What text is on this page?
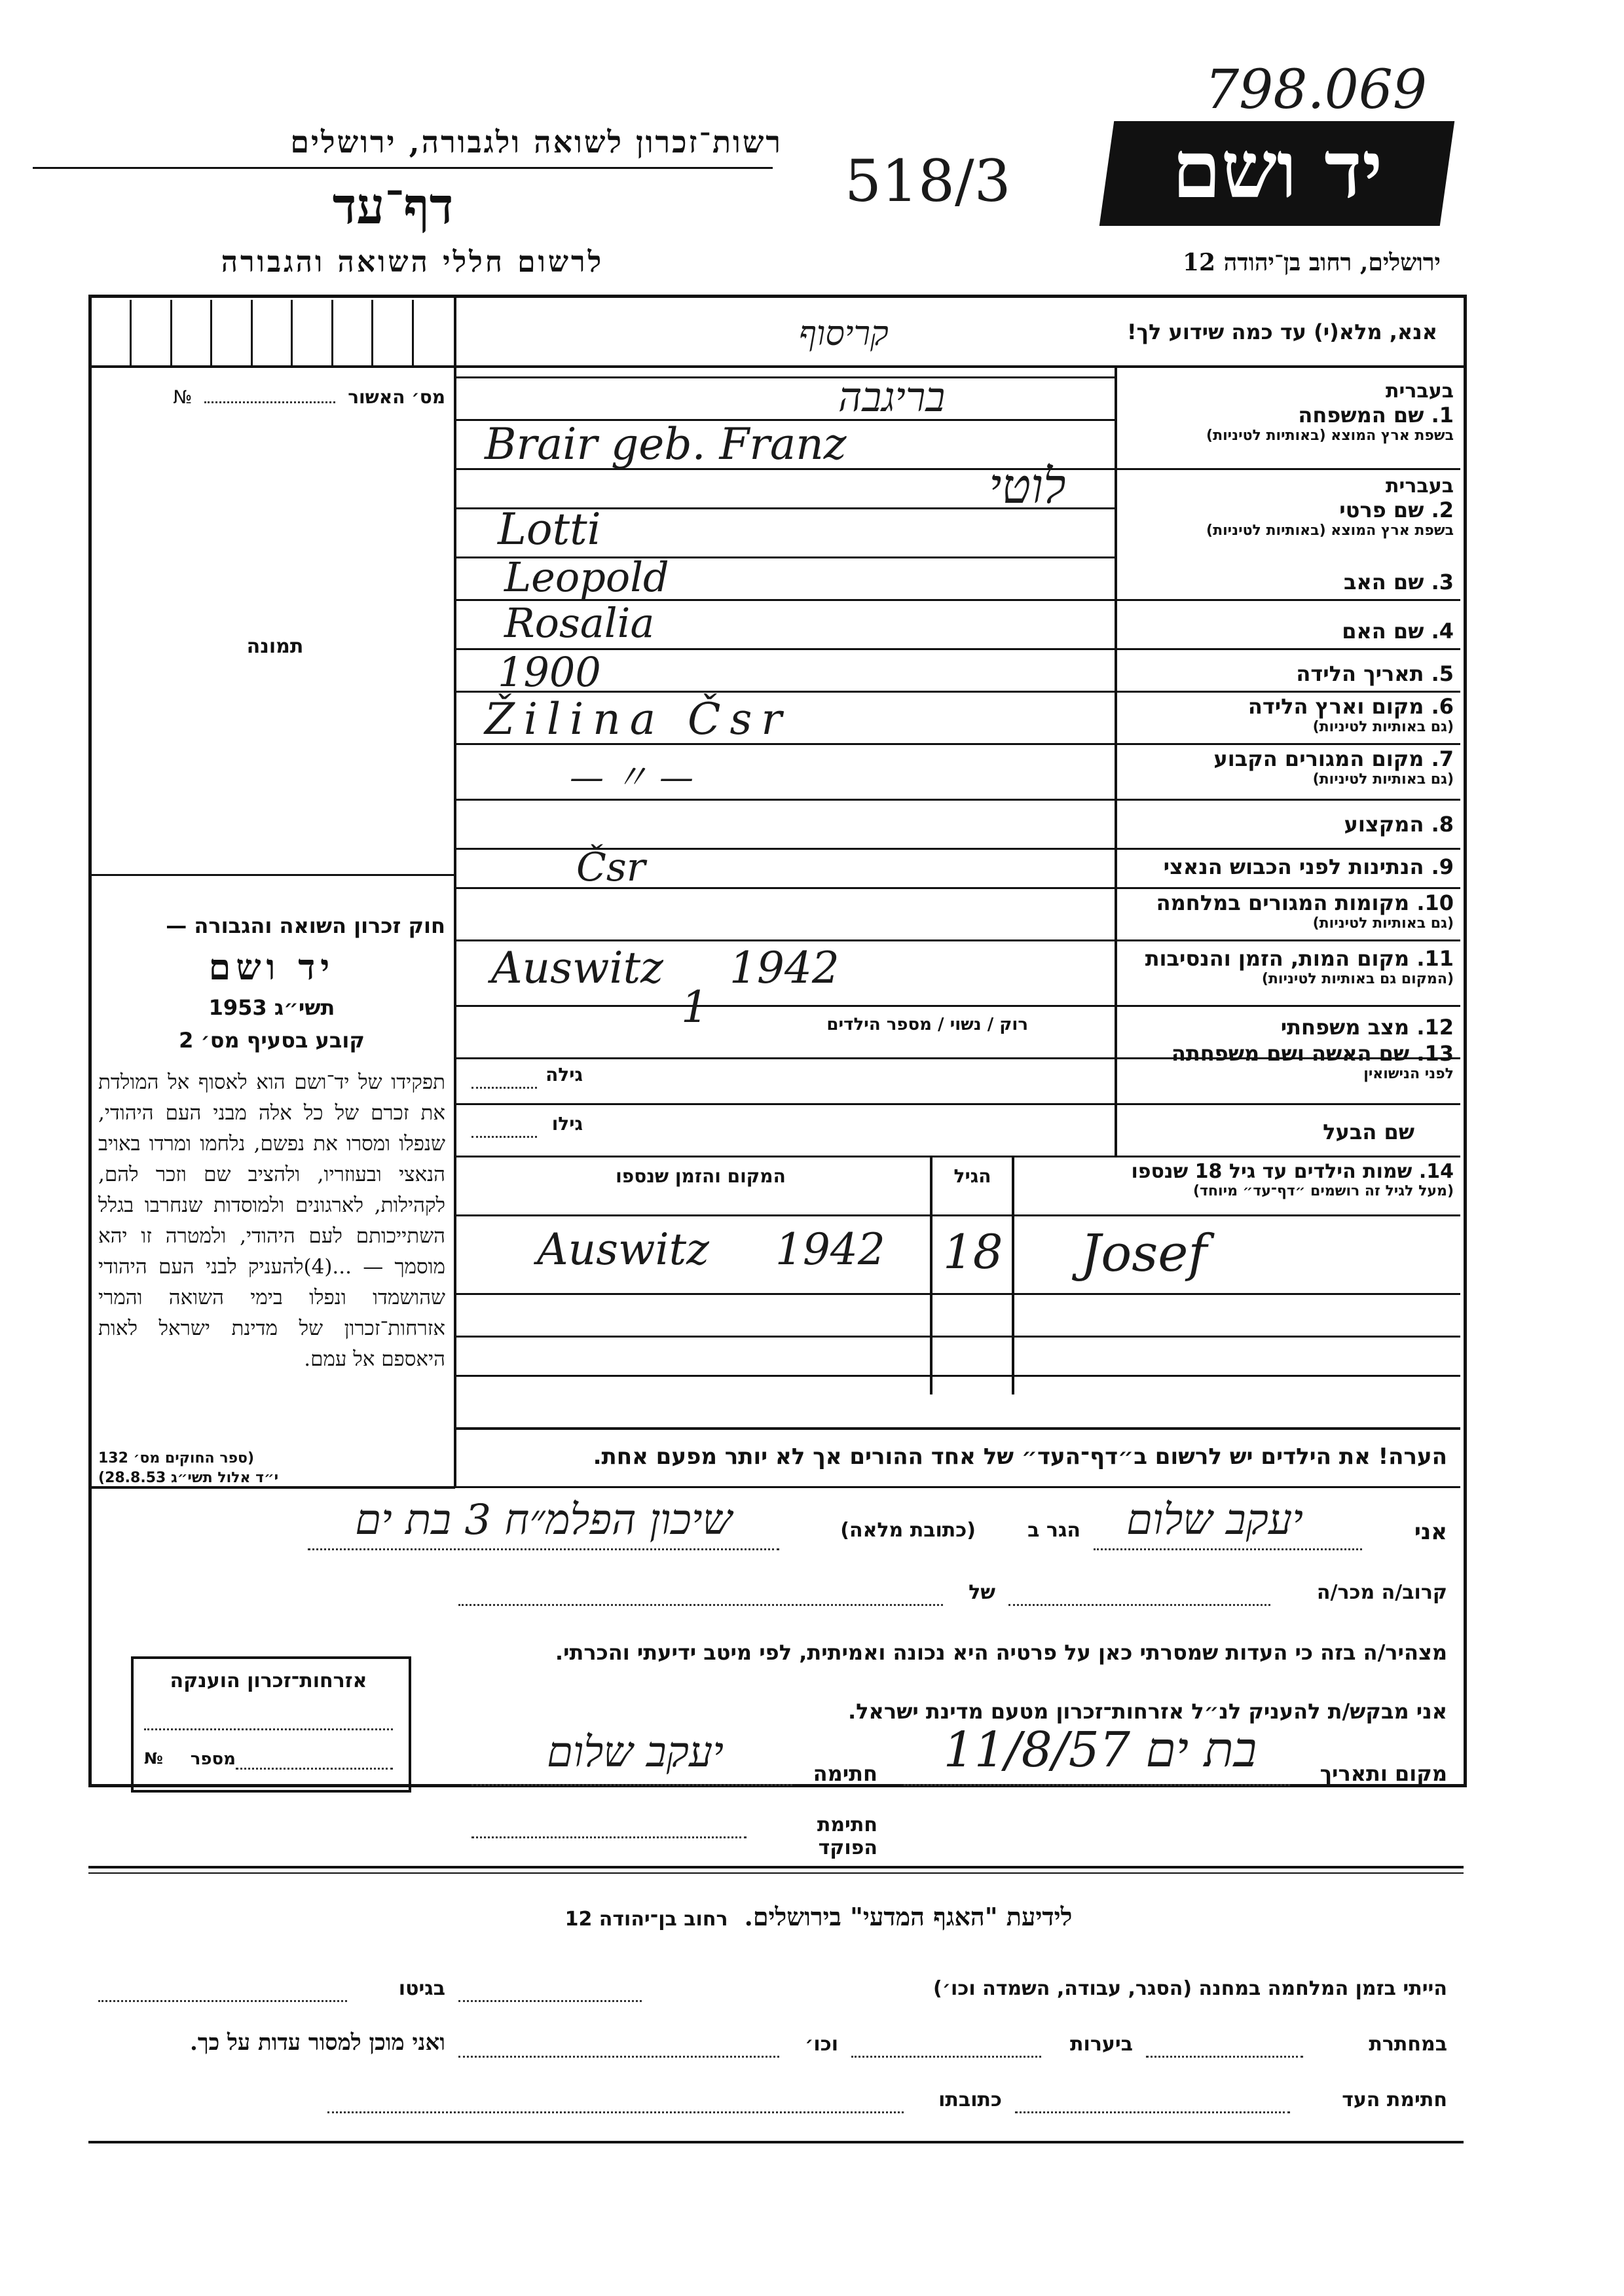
רשות־זכרון לשואה ולגבורה, ירושלים
דף־עד
לרשום חללי השואה והגבורה
518/3
798.069
יד ושם
ירושלים, רחוב בן־יהודה 12
אנא, מלא(י) עד כמה שידוע לך!
קריסוף
מס׳ האשור  №
תמונה
חוק זכרון השואה והגבורה —
יד ושם
תשי״ג 1953
קובע בסעיף מס׳ 2
תפקידו של יד־ושם הוא לאסוף אל המולדת את זכרם של כל אלה מבני העם היהודי, שנפלו ומסרו את נפשם, נלחמו ומרדו באויב הנאצי ובעוזריו, ולהציב שם וזכר להם, לקהילות, לארגונים ולמוסדות שנחרבו בגלל השתייכותם לעם היהודי, ולמטרה זו יהא מוסמך — ...(4)להעניק לבני העם היהודי שהושמדו ונפלו בימי השואה והמרי אזרחות־זכרון של מדינת ישראל לאות היאספם אל עמם.
(ספר החוקים מס׳ 132
י״ד אלול תשי״ג 28.8.53)
בעברית
1. שם המשפחה
בשפת ארץ המוצא (באותיות לטיניות)
בריגבה
Brair geb. Franz
בעברית
2. שם פרטי
בשפת ארץ המוצא (באותיות לטיניות)
לוטי
Lotti
3. שם האב
Leopold
4. שם האם
Rosalia
5. תאריך הלידה
1900
6. מקום וארץ הלידה
(גם באותיות לטיניות)
Žilina Čsr
7. מקום המגורים הקבוע
(גם באותיות לטיניות)
— 〃 —
8. המקצוע
9. הנתינות לפני הכבוש הנאצי
Čsr
10. מקומות המגורים במלחמה
(גם באותיות לטיניות)
11. מקום המות, הזמן והנסיבות
(המקום גם באותיות לטיניות)
Auswitz 1942
12. מצב משפחתי
רוק / נשוי / מספר הילדים
1
13. שם האשה ושם משפחתה
לפני הנישואין
גילה
שם הבעל
גילו
14. שמות הילדים עד גיל 18 שנספו
(מעל לגיל זה רושמים ״דף־עד״ מיוחד)
הגיל
המקום והזמן שנספו
Josef
18
Auswitz 1942
הערה! את הילדים יש לרשום ב״דף־העד״ של אחד ההורים אך לא יותר מפעם אחת.
אני
יעקב שלום
הגר ב
(כתובת מלאה)
שיכון הפלמ״ח 3 בת ים
קרוב/ה מכר/ה
של
מצהיר/ה בזה כי העדות שמסרתי כאן על פרטיה היא נכונה ואמיתית, לפי מיטב ידיעתי והכרתי.
אני מבקש/ת להעניק לנ״ל אזרחות־זכרון מטעם מדינת ישראל.
מקום ותאריך
בת ים 11/8/57
חתימה
יעקב שלום
חתימת הפוקד
אזרחות־זכרון הוענקה
מספר
№
לידיעת "האגף המדעי" בירושלים. רחוב בן־יהודה 12
הייתי בזמן המלחמה במחנה (הסגר, עבודה, השמדה וכו׳)
בגיטו
במחתרת
ביערות
וכו׳
ואני מוכן למסור עדות על כך.
חתימת העד
כתובתו
